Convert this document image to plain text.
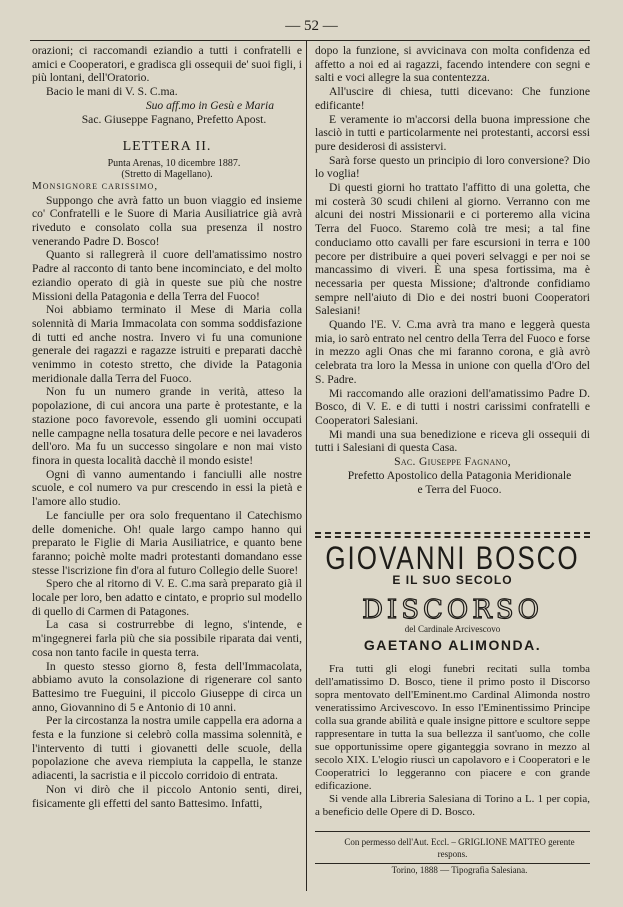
— 52 —

orazioni; ci raccomandi eziandio a tutti i confratelli e amici e Cooperatori, e gradisca gli ossequii de' suoi figli, i più lontani, dell'Oratorio.

Bacio le mani di V. S. C.ma.

Suo aff.mo in Gesù e Maria

Sac. Giuseppe Fagnano, Prefetto Apost.

LETTERA II.

Punta Arenas, 10 dicembre 1887.
(Stretto di Magellano).

Monsignore carissimo,

Suppongo che avrà fatto un buon viaggio ed insieme co' Confratelli e le Suore di Maria Ausiliatrice già avrà riveduto e consolato colla sua presenza il nostro venerando Padre D. Bosco!

Quanto si rallegrerà il cuore dell'amatissimo nostro Padre al racconto di tanto bene incominciato, e del molto eziandio operato di già in queste sue più che nostre Missioni della Patagonia e della Terra del Fuoco!

Noi abbiamo terminato il Mese di Maria colla solennità di Maria Immacolata con somma soddisfazione di tutti ed anche nostra. Invero vi fu una comunione generale dei ragazzi e ragazze istruiti e preparati dacchè venimmo in cotesto stretto, che divide la Patagonia meridionale dalla Terra del Fuoco.

Non fu un numero grande in verità, atteso la popolazione, di cui ancora una parte è protestante, e la stazione poco favorevole, essendo gli uomini occupati nelle campagne nella tosatura delle pecore e nei lavaderos dell'oro. Ma fu un successo singolare e non mai visto finora in questa località dacchè il mondo esiste!

Ogni dì vanno aumentando i fanciulli alle nostre scuole, e col numero va pur crescendo in essi la pietà e l'amore allo studio.

Le fanciulle per ora solo frequentano il Catechismo delle domeniche. Oh! quale largo campo hanno qui preparato le Figlie di Maria Ausiliatrice, e quanto bene faranno; poichè molte madri protestanti domandano esse stesse l'iscrizione fin d'ora al futuro Collegio delle Suore!

Spero che al ritorno di V. E. C.ma sarà preparato già il locale per loro, ben adatto e cintato, e proprio sul modello di quello di Carmen di Patagones.

La casa si costrurrebbe di legno, s'intende, e m'ingegnerei farla più che sia possibile riparata dai venti, cosa non tanto facile in questa terra.

In questo stesso giorno 8, festa dell'Immacolata, abbiamo avuto la consolazione di rigenerare col santo Battesimo tre Fueguini, il piccolo Giuseppe di circa un anno, Giovannino di 5 e Antonio di 10 anni.

Per la circostanza la nostra umile cappella era adorna a festa e la funzione si celebrò colla massima solennità, e l'intervento di tutti i giovanetti delle scuole, della popolazione che aveva riempiuta la cappella, le stanze adiacenti, la sacristia e il piccolo corridoio di entrata.

Non vi dirò che il piccolo Antonio senti, direi, fisicamente gli effetti del santo Battesimo. Infatti,

dopo la funzione, si avvicinava con molta confidenza ed affetto a noi ed ai ragazzi, facendo intendere con segni e salti e voci allegre la sua contentezza.

All'uscire di chiesa, tutti dicevano: Che funzione edificante!

E veramente io m'accorsi della buona impressione che lasciò in tutti e particolarmente nei protestanti, accorsi essi pure desiderosi di assistervi.

Sarà forse questo un principio di loro conversione? Dio lo voglia!

Di questi giorni ho trattato l'affitto di una goletta, che mi costerà 30 scudi chileni al giorno. Verranno con me alcuni dei nostri Missionarii e ci porteremo alla vicina Terra del Fuoco. Staremo colà tre mesi; a tal fine conduciamo otto cavalli per fare escursioni in terra e 100 pecore per distribuire a quei poveri selvaggi e per noi se mancassimo di viveri. È una spesa fortissima, ma è necessaria per questa Missione; d'altronde confidiamo sempre nell'aiuto di Dio e dei nostri buoni Cooperatori Salesiani!

Quando l'E. V. C.ma avrà tra mano e leggerà questa mia, io sarò entrato nel centro della Terra del Fuoco e forse in mezzo agli Onas che mi faranno corona, e già avrò celebrata tra loro la Messa in unione con quella d'Oro del S. Padre.

Mi raccomando alle orazioni dell'amatissimo Padre D. Bosco, di V. E. e di tutti i nostri carissimi confratelli e Cooperatori Salesiani.

Mi mandi una sua benedizione e riceva gli ossequii di tutti i Salesiani di questa Casa.

Sac. Giuseppe Fagnano,

Prefetto Apostolico della Patagonia Meridionale

e Terra del Fuoco.

GIOVANNI BOSCO
E IL SUO SECOLO
DISCORSO
del Cardinale Arcivescovo
GAETANO ALIMONDA.

Fra tutti gli elogi funebri recitati sulla tomba dell'amatissimo D. Bosco, tiene il primo posto il Discorso sopra mentovato dell'Eminent.mo Cardinal Alimonda nostro veneratissimo Arcivescovo. In esso l'Eminentissimo Principe colla sua grande abilità e quale insigne pittore e scultore seppe rappresentare in tutta la sua bellezza il sant'uomo, che colle sue opportunissime opere giganteggia sovrano in mezzo al secolo XIX. L'elogio riuscì un capolavoro e i Cooperatori e le Cooperatrici lo leggeranno con piacere e con grande edificazione.

Si vende alla Libreria Salesiana di Torino a L. 1 per copia, a beneficio delle Opere di D. Bosco.

Con permesso dell'Aut. Eccl. – GRIGLIONE MATTEO gerente respons.

Torino, 1888 — Tipografia Salesiana.
